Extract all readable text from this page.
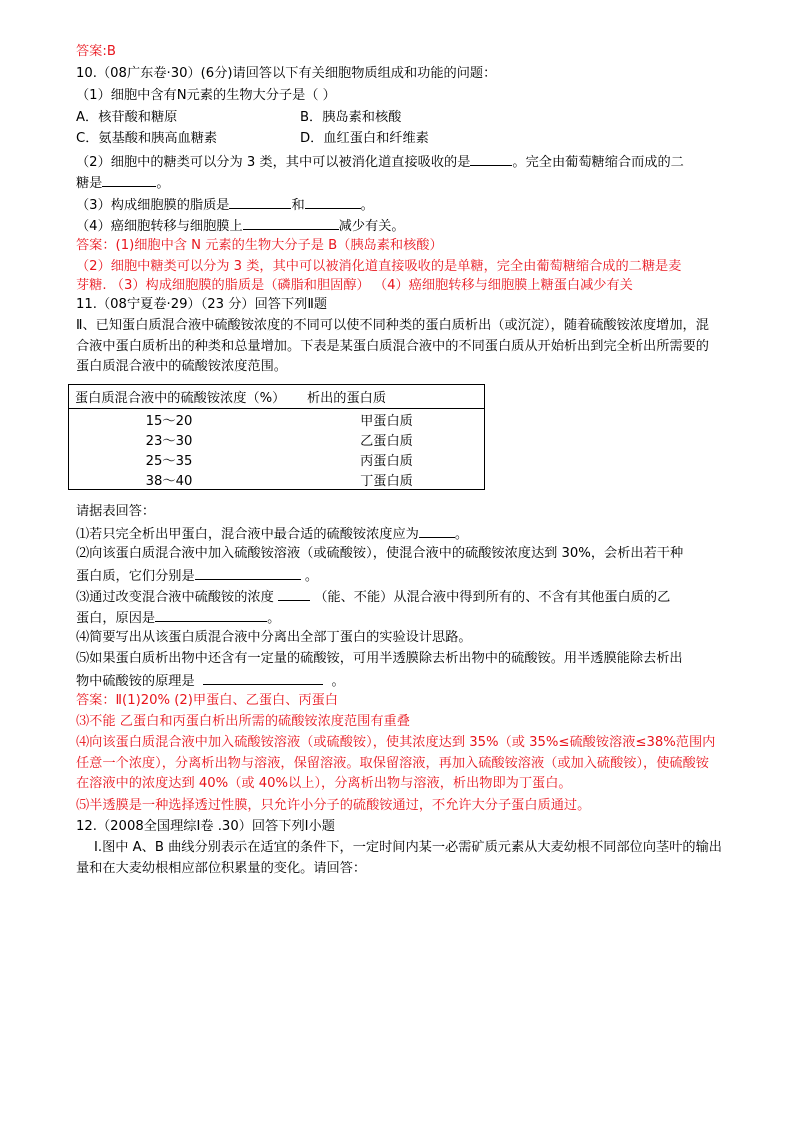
答案:B
10.（08广东卷·30）(6分)请回答以下有关细胞物质组成和功能的问题：
（1）细胞中含有N元素的生物大分子是（ ）
A．核苷酸和糖原	B．胰岛素和核酸
C．氨基酸和胰高血糖素	D．血红蛋白和纤维素
（2）细胞中的糖类可以分为 3 类，其中可以被消化道直接吸收的是	。完全由葡萄糖缩合而成的二
糖是	。
（3）构成细胞膜的脂质是	和	。
（4）癌细胞转移与细胞膜上	减少有关。
答案：(1)细胞中含 N 元素的生物大分子是 B（胰岛素和核酸）
（2）细胞中糖类可以分为 3 类，其中可以被消化道直接吸收的是单糖，完全由葡萄糖缩合成的二糖是麦
芽糖. （3）构成细胞膜的脂质是（磷脂和胆固醇） （4）癌细胞转移与细胞膜上糖蛋白减少有关
11.（08宁夏卷·29）（23 分）回答下列Ⅱ题
Ⅱ、已知蛋白质混合液中硫酸铵浓度的不同可以使不同种类的蛋白质析出（或沉淀），随着硫酸铵浓度增加，混合液中蛋白质析出的种类和总量增加。下表是某蛋白质混合液中的不同蛋白质从开始析出到完全析出所需要的蛋白质混合液中的硫酸铵浓度范围。
蛋白质混合液中的硫酸铵浓度（%）	析出的蛋白质
15～20	甲蛋白质
23～30	乙蛋白质
25～35	丙蛋白质
38～40	丁蛋白质
请据表回答：
⑴若只完全析出甲蛋白，混合液中最合适的硫酸铵浓度应为	。
⑵向该蛋白质混合液中加入硫酸铵溶液（或硫酸铵），使混合液中的硫酸铵浓度达到 30%，会析出若干种
蛋白质，它们分别是	。
⑶通过改变混合液中硫酸铵的浓度	（能、不能）从混合液中得到所有的、不含有其他蛋白质的乙
蛋白，原因是	。
⑷简要写出从该蛋白质混合液中分离出全部丁蛋白的实验设计思路。
⑸如果蛋白质析出物中还含有一定量的硫酸铵，可用半透膜除去析出物中的硫酸铵。用半透膜能除去析出
物中硫酸铵的原理是	。
答案：Ⅱ(1)20% (2)甲蛋白、乙蛋白、丙蛋白
⑶不能 乙蛋白和丙蛋白析出所需的硫酸铵浓度范围有重叠
⑷向该蛋白质混合液中加入硫酸铵溶液（或硫酸铵），使其浓度达到 35%（或 35%≤硫酸铵溶液≤38%范围内任意一个浓度），分离析出物与溶液，保留溶液。取保留溶液，再加入硫酸铵溶液（或加入硫酸铵），使硫酸铵在溶液中的浓度达到 40%（或 40%以上），分离析出物与溶液，析出物即为丁蛋白。
⑸半透膜是一种选择透过性膜，只允许小分子的硫酸铵通过，不允许大分子蛋白质通过。
12.（2008全国理综Ⅰ卷 .30）回答下列Ⅰ小题
Ⅰ.图中 A、B 曲线分别表示在适宜的条件下，一定时间内某一必需矿质元素从大麦幼根不同部位向茎叶的输出量和在大麦幼根相应部位积累量的变化。请回答：
